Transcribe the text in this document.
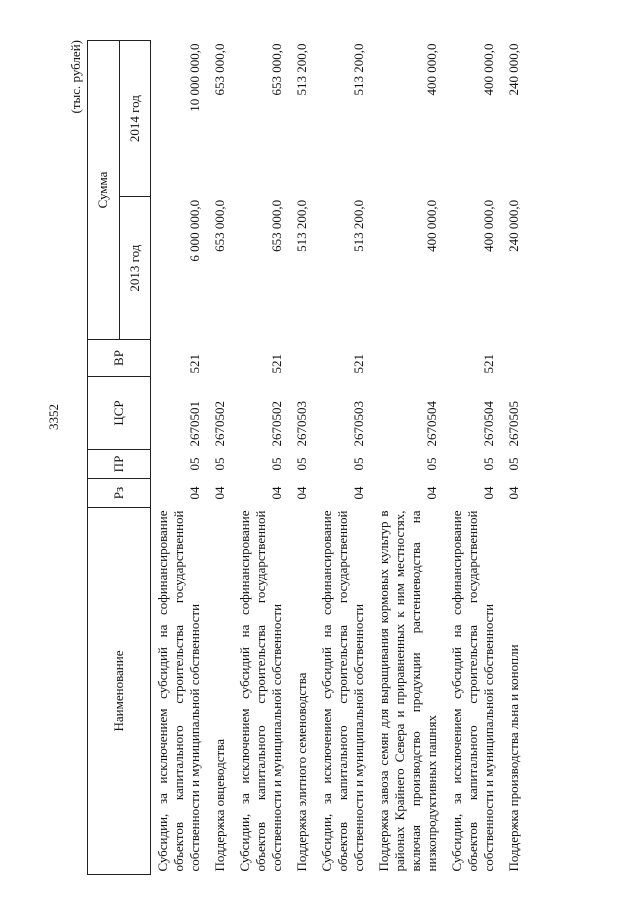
3352
(тыс. рублей)
Наименование	Рз	ПР	ЦСР	ВР	Сумма	
					2013 год	2014 год
Субсидии, за исключением субсидий на софинансирование объектов капитального строительства государственной собственности и муниципальной собственности	04	05	2670501	521	6 000 000,0	10 000 000,0
Поддержка овцеводства	04	05	2670502		653 000,0	653 000,0
Субсидии, за исключением субсидий на софинансирование объектов капитального строительства государственной собственности и муниципальной собственности	04	05	2670502	521	653 000,0	653 000,0
Поддержка элитного семеноводства	04	05	2670503		513 200,0	513 200,0
Субсидии, за исключением субсидий на софинансирование объектов капитального строительства государственной собственности и муниципальной собственности	04	05	2670503	521	513 200,0	513 200,0
Поддержка завоза семян для выращивания кормовых культур в районах Крайнего Севера и приравненных к ним местностях, включая производство продукции растениеводства на низкопродуктивных пашнях	04	05	2670504		400 000,0	400 000,0
Субсидии, за исключением субсидий на софинансирование объектов капитального строительства государственной собственности и муниципальной собственности	04	05	2670504	521	400 000,0	400 000,0
Поддержка производства льна и конопли	04	05	2670505		240 000,0	240 000,0
